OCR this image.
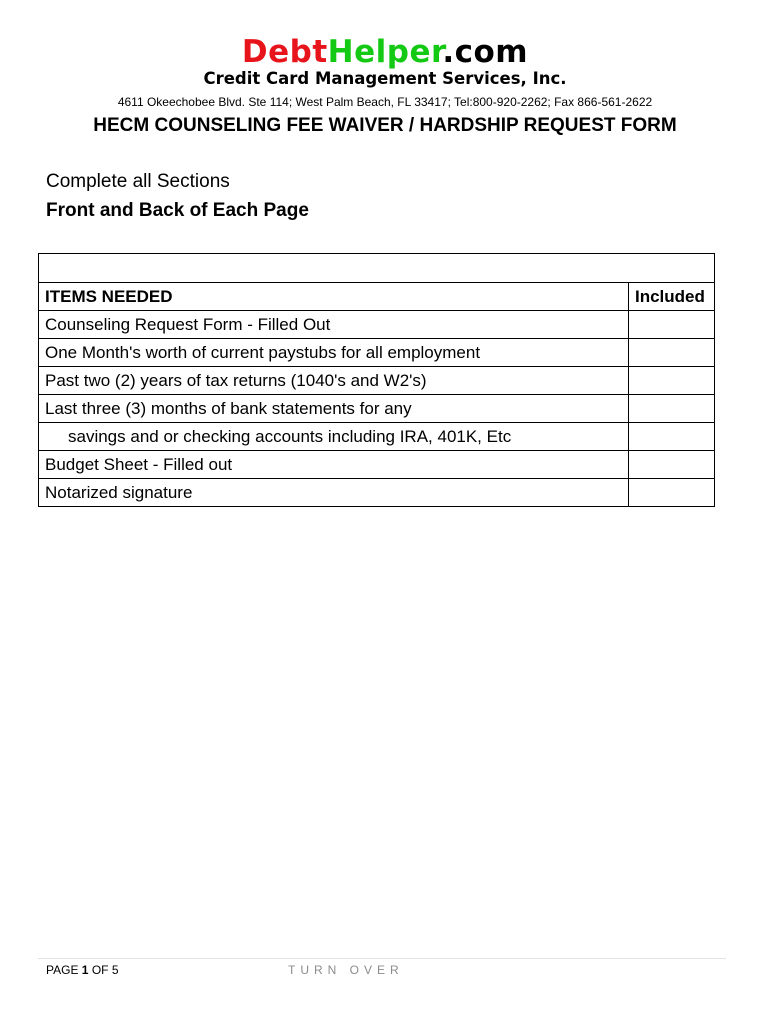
DebtHelper.com
Credit Card Management Services, Inc.
4611 Okeechobee Blvd. Ste 114; West Palm Beach, FL 33417; Tel:800-920-2262; Fax 866-561-2622
HECM COUNSELING FEE WAIVER / HARDSHIP REQUEST FORM
Complete all Sections
Front and Back of Each Page

ITEMS NEEDED	Included
Counseling Request Form - Filled Out	
One Month's worth of current paystubs for all employment	
Past two (2) years of tax returns (1040's and W2's)	
Last three (3) months of bank statements for any	
savings and or checking accounts including IRA, 401K, Etc	
Budget Sheet - Filled out	
Notarized signature	
PAGE 1 OF 5	TURN OVER
